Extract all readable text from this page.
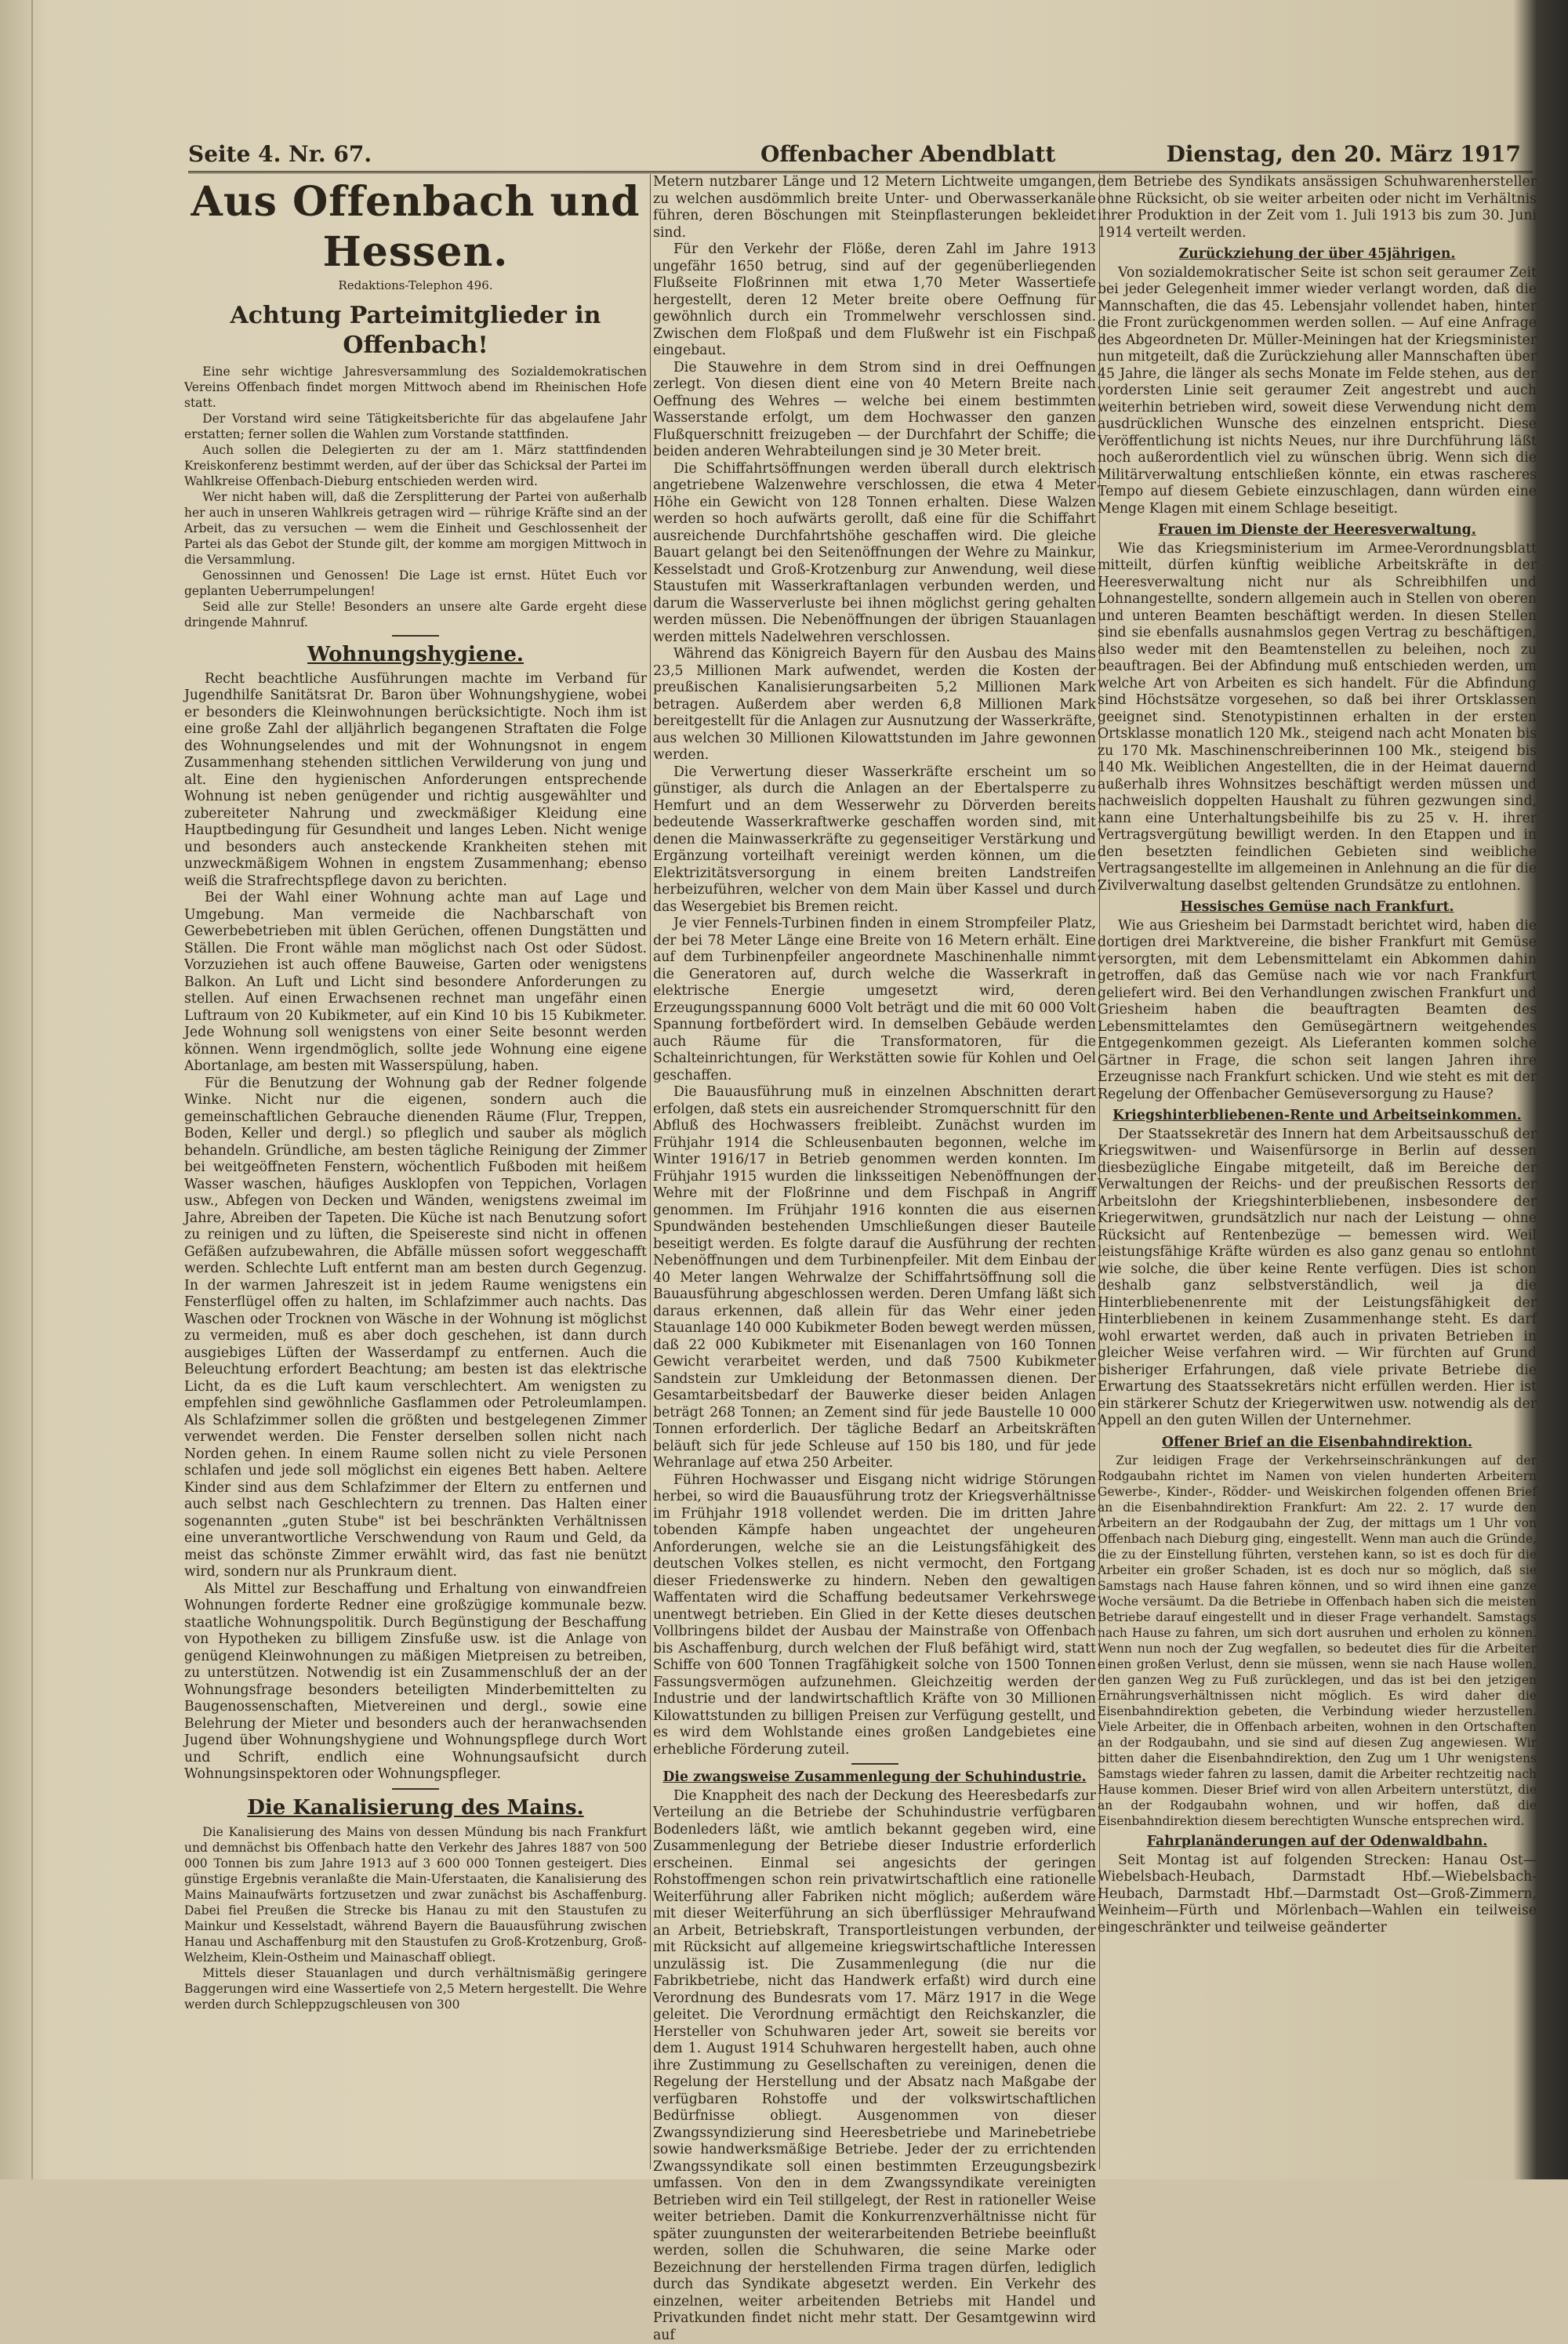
Seite 4. Nr. 67.	Offenbacher Abendblatt	Dienstag, den 20. März 1917
Aus Offenbach und Hessen.

Redaktions-Telephon 496.

Achtung Parteimitglieder in Offenbach!

Eine sehr wichtige Jahresversammlung des Sozialdemokratischen Vereins Offenbach findet morgen Mittwoch abend im Rheinischen Hofe statt.

Der Vorstand wird seine Tätigkeitsberichte für das abgelaufene Jahr erstatten; ferner sollen die Wahlen zum Vorstande stattfinden.

Auch sollen die Delegierten zu der am 1. März stattfindenden Kreiskonferenz bestimmt werden, auf der über das Schicksal der Partei im Wahlkreise Offenbach-Dieburg entschieden werden wird.

Wer nicht haben will, daß die Zersplitterung der Partei von außerhalb her auch in unseren Wahlkreis getragen wird — rührige Kräfte sind an der Arbeit, das zu versuchen — wem die Einheit und Geschlossenheit der Partei als das Gebot der Stunde gilt, der komme am morgigen Mittwoch in die Versammlung.

Genossinnen und Genossen! Die Lage ist ernst. Hütet Euch vor geplanten Ueberrumpelungen!

Seid alle zur Stelle! Besonders an unsere alte Garde ergeht diese dringende Mahnruf.

Wohnungshygiene.

Recht beachtliche Ausführungen machte im Verband für Jugendhilfe Sanitätsrat Dr. Baron über Wohnungshygiene, wobei er besonders die Kleinwohnungen berücksichtigte. Noch ihm ist eine große Zahl der alljährlich begangenen Straftaten die Folge des Wohnungselendes und mit der Wohnungsnot in engem Zusammenhang stehenden sittlichen Verwilderung von jung und alt. Eine den hygienischen Anforderungen entsprechende Wohnung ist neben genügender und richtig ausgewählter und zubereiteter Nahrung und zweckmäßiger Kleidung eine Hauptbedingung für Gesundheit und langes Leben. Nicht wenige und besonders auch ansteckende Krankheiten stehen mit unzweckmäßigem Wohnen in engstem Zusammenhang; ebenso weiß die Strafrechtspflege davon zu berichten.

Bei der Wahl einer Wohnung achte man auf Lage und Umgebung. Man vermeide die Nachbarschaft von Gewerbebetrieben mit üblen Gerüchen, offenen Dungstätten und Ställen. Die Front wähle man möglichst nach Ost oder Südost. Vorzuziehen ist auch offene Bauweise, Garten oder wenigstens Balkon. An Luft und Licht sind besondere Anforderungen zu stellen. Auf einen Erwachsenen rechnet man ungefähr einen Luftraum von 20 Kubikmeter, auf ein Kind 10 bis 15 Kubikmeter. Jede Wohnung soll wenigstens von einer Seite besonnt werden können. Wenn irgendmöglich, sollte jede Wohnung eine eigene Abortanlage, am besten mit Wasserspülung, haben.

Für die Benutzung der Wohnung gab der Redner folgende Winke. Nicht nur die eigenen, sondern auch die gemeinschaftlichen Gebrauche dienenden Räume (Flur, Treppen, Boden, Keller und dergl.) so pfleglich und sauber als möglich behandeln. Gründliche, am besten tägliche Reinigung der Zimmer bei weitgeöffneten Fenstern, wöchentlich Fußboden mit heißem Wasser waschen, häufiges Ausklopfen von Teppichen, Vorlagen usw., Abfegen von Decken und Wänden, wenigstens zweimal im Jahre, Abreiben der Tapeten. Die Küche ist nach Benutzung sofort zu reinigen und zu lüften, die Speisereste sind nicht in offenen Gefäßen aufzubewahren, die Abfälle müssen sofort weggeschafft werden. Schlechte Luft entfernt man am besten durch Gegenzug. In der warmen Jahreszeit ist in jedem Raume wenigstens ein Fensterflügel offen zu halten, im Schlafzimmer auch nachts. Das Waschen oder Trocknen von Wäsche in der Wohnung ist möglichst zu vermeiden, muß es aber doch geschehen, ist dann durch ausgiebiges Lüften der Wasserdampf zu entfernen. Auch die Beleuchtung erfordert Beachtung; am besten ist das elektrische Licht, da es die Luft kaum verschlechtert. Am wenigsten zu empfehlen sind gewöhnliche Gasflammen oder Petroleumlampen. Als Schlafzimmer sollen die größten und bestgelegenen Zimmer verwendet werden. Die Fenster derselben sollen nicht nach Norden gehen. In einem Raume sollen nicht zu viele Personen schlafen und jede soll möglichst ein eigenes Bett haben. Aeltere Kinder sind aus dem Schlafzimmer der Eltern zu entfernen und auch selbst nach Geschlechtern zu trennen. Das Halten einer sogenannten „guten Stube" ist bei beschränkten Verhältnissen eine unverantwortliche Verschwendung von Raum und Geld, da meist das schönste Zimmer erwählt wird, das fast nie benützt wird, sondern nur als Prunkraum dient.

Als Mittel zur Beschaffung und Erhaltung von einwandfreien Wohnungen forderte Redner eine großzügige kommunale bezw. staatliche Wohnungspolitik. Durch Begünstigung der Beschaffung von Hypotheken zu billigem Zinsfuße usw. ist die Anlage von genügend Kleinwohnungen zu mäßigen Mietpreisen zu betreiben, zu unterstützen. Notwendig ist ein Zusammenschluß der an der Wohnungsfrage besonders beteiligten Minderbemittelten zu Baugenossenschaften, Mietvereinen und dergl., sowie eine Belehrung der Mieter und besonders auch der heranwachsenden Jugend über Wohnungshygiene und Wohnungspflege durch Wort und Schrift, endlich eine Wohnungsaufsicht durch Wohnungsinspektoren oder Wohnungspfleger.

Die Kanalisierung des Mains.

Die Kanalisierung des Mains von dessen Mündung bis nach Frankfurt und demnächst bis Offenbach hatte den Verkehr des Jahres 1887 von 500 000 Tonnen bis zum Jahre 1913 auf 3 600 000 Tonnen gesteigert. Dies günstige Ergebnis veranlaßte die Main-Uferstaaten, die Kanalisierung des Mains Mainaufwärts fortzusetzen und zwar zunächst bis Aschaffenburg. Dabei fiel Preußen die Strecke bis Hanau zu mit den Staustufen zu Mainkur und Kesselstadt, während Bayern die Bauausführung zwischen Hanau und Aschaffenburg mit den Staustufen zu Groß-Krotzenburg, Groß-Welzheim, Klein-Ostheim und Mainaschaff obliegt.

Mittels dieser Stauanlagen und durch verhältnismäßig geringere Baggerungen wird eine Wassertiefe von 2,5 Metern hergestellt. Die Wehre werden durch Schleppzugschleusen von 300

Metern nutzbarer Länge und 12 Metern Lichtweite umgangen, zu welchen ausdömmlich breite Unter- und Oberwasserkanäle führen, deren Böschungen mit Steinpflasterungen bekleidet sind.

Für den Verkehr der Flöße, deren Zahl im Jahre 1913 ungefähr 1650 betrug, sind auf der gegenüberliegenden Flußseite Floßrinnen mit etwa 1,70 Meter Wassertiefe hergestellt, deren 12 Meter breite obere Oeffnung für gewöhnlich durch ein Trommelwehr verschlossen sind. Zwischen dem Floßpaß und dem Flußwehr ist ein Fischpaß eingebaut.

Die Stauwehre in dem Strom sind in drei Oeffnungen zerlegt. Von diesen dient eine von 40 Metern Breite nach Oeffnung des Wehres — welche bei einem bestimmten Wasserstande erfolgt, um dem Hochwasser den ganzen Flußquerschnitt freizugeben — der Durchfahrt der Schiffe; die beiden anderen Wehrabteilungen sind je 30 Meter breit.

Die Schiffahrtsöffnungen werden überall durch elektrisch angetriebene Walzenwehre verschlossen, die etwa 4 Meter Höhe ein Gewicht von 128 Tonnen erhalten. Diese Walzen werden so hoch aufwärts gerollt, daß eine für die Schiffahrt ausreichende Durchfahrtshöhe geschaffen wird. Die gleiche Bauart gelangt bei den Seitenöffnungen der Wehre zu Mainkur, Kesselstadt und Groß-Krotzenburg zur Anwendung, weil diese Staustufen mit Wasserkraftanlagen verbunden werden, und darum die Wasserverluste bei ihnen möglichst gering gehalten werden müssen. Die Nebenöffnungen der übrigen Stauanlagen werden mittels Nadelwehren verschlossen.

Während das Königreich Bayern für den Ausbau des Mains 23,5 Millionen Mark aufwendet, werden die Kosten der preußischen Kanalisierungsarbeiten 5,2 Millionen Mark betragen. Außerdem aber werden 6,8 Millionen Mark bereitgestellt für die Anlagen zur Ausnutzung der Wasserkräfte, aus welchen 30 Millionen Kilowattstunden im Jahre gewonnen werden.

Die Verwertung dieser Wasserkräfte erscheint um so günstiger, als durch die Anlagen an der Ebertalsperre zu Hemfurt und an dem Wesserwehr zu Dörverden bereits bedeutende Wasserkraftwerke geschaffen worden sind, mit denen die Mainwasserkräfte zu gegenseitiger Verstärkung und Ergänzung vorteilhaft vereinigt werden können, um die Elektrizitätsversorgung in einem breiten Landstreifen herbeizuführen, welcher von dem Main über Kassel und durch das Wesergebiet bis Bremen reicht.

Je vier Fennels-Turbinen finden in einem Strompfeiler Platz, der bei 78 Meter Länge eine Breite von 16 Metern erhält. Eine auf dem Turbinenpfeiler angeordnete Maschinenhalle nimmt die Generatoren auf, durch welche die Wasserkraft in elektrische Energie umgesetzt wird, deren Erzeugungsspannung 6000 Volt beträgt und die mit 60 000 Volt Spannung fortbefördert wird. In demselben Gebäude werden auch Räume für die Transformatoren, für die Schalteinrichtungen, für Werkstätten sowie für Kohlen und Oel geschaffen.

Die Bauausführung muß in einzelnen Abschnitten derart erfolgen, daß stets ein ausreichender Stromquerschnitt für den Abfluß des Hochwassers freibleibt. Zunächst wurden im Frühjahr 1914 die Schleusenbauten begonnen, welche im Winter 1916/17 in Betrieb genommen werden konnten. Im Frühjahr 1915 wurden die linksseitigen Nebenöffnungen der Wehre mit der Floßrinne und dem Fischpaß in Angriff genommen. Im Frühjahr 1916 konnten die aus eisernen Spundwänden bestehenden Umschließungen dieser Bauteile beseitigt werden. Es folgte darauf die Ausführung der rechten Nebenöffnungen und dem Turbinenpfeiler. Mit dem Einbau der 40 Meter langen Wehrwalze der Schiffahrtsöffnung soll die Bauausführung abgeschlossen werden. Deren Umfang läßt sich daraus erkennen, daß allein für das Wehr einer jeden Stauanlage 140 000 Kubikmeter Boden bewegt werden müssen, daß 22 000 Kubikmeter mit Eisenanlagen von 160 Tonnen Gewicht verarbeitet werden, und daß 7500 Kubikmeter Sandstein zur Umkleidung der Betonmassen dienen. Der Gesamtarbeitsbedarf der Bauwerke dieser beiden Anlagen beträgt 268 Tonnen; an Zement sind für jede Baustelle 10 000 Tonnen erforderlich. Der tägliche Bedarf an Arbeitskräften beläuft sich für jede Schleuse auf 150 bis 180, und für jede Wehranlage auf etwa 250 Arbeiter.

Führen Hochwasser und Eisgang nicht widrige Störungen herbei, so wird die Bauausführung trotz der Kriegsverhältnisse im Frühjahr 1918 vollendet werden. Die im dritten Jahre tobenden Kämpfe haben ungeachtet der ungeheuren Anforderungen, welche sie an die Leistungsfähigkeit des deutschen Volkes stellen, es nicht vermocht, den Fortgang dieser Friedenswerke zu hindern. Neben den gewaltigen Waffentaten wird die Schaffung bedeutsamer Verkehrswege unentwegt betrieben. Ein Glied in der Kette dieses deutschen Vollbringens bildet der Ausbau der Mainstraße von Offenbach bis Aschaffenburg, durch welchen der Fluß befähigt wird, statt Schiffe von 600 Tonnen Tragfähigkeit solche von 1500 Tonnen Fassungsvermögen aufzunehmen. Gleichzeitig werden der Industrie und der landwirtschaftlich Kräfte von 30 Millionen Kilowattstunden zu billigen Preisen zur Verfügung gestellt, und es wird dem Wohlstande eines großen Landgebietes eine erhebliche Förderung zuteil.

Die zwangsweise Zusammenlegung der Schuhindustrie.

Die Knappheit des nach der Deckung des Heeresbedarfs zur Verteilung an die Betriebe der Schuhindustrie verfügbaren Bodenleders läßt, wie amtlich bekannt gegeben wird, eine Zusammenlegung der Betriebe dieser Industrie erforderlich erscheinen. Einmal sei angesichts der geringen Rohstoffmengen schon rein privatwirtschaftlich eine rationelle Weiterführung aller Fabriken nicht möglich; außerdem wäre mit dieser Weiterführung an sich überflüssiger Mehraufwand an Arbeit, Betriebskraft, Transportleistungen verbunden, der mit Rücksicht auf allgemeine kriegswirtschaftliche Interessen unzulässig ist. Die Zusammenlegung (die nur die Fabrikbetriebe, nicht das Handwerk erfaßt) wird durch eine Verordnung des Bundesrats vom 17. März 1917 in die Wege geleitet. Die Verordnung ermächtigt den Reichskanzler, die Hersteller von Schuhwaren jeder Art, soweit sie bereits vor dem 1. August 1914 Schuhwaren hergestellt haben, auch ohne ihre Zustimmung zu Gesellschaften zu vereinigen, denen die Regelung der Herstellung und der Absatz nach Maßgabe der verfügbaren Rohstoffe und der volkswirtschaftlichen Bedürfnisse obliegt. Ausgenommen von dieser Zwangssyndizierung sind Heeresbetriebe und Marinebetriebe sowie handwerksmäßige Betriebe. Jeder der zu errichtenden Zwangssyndikate soll einen bestimmten Erzeugungsbezirk umfassen. Von den in dem Zwangssyndikate vereinigten Betrieben wird ein Teil stillgelegt, der Rest in rationeller Weise weiter betrieben. Damit die Konkurrenzverhältnisse nicht für später zuungunsten der weiterarbeitenden Betriebe beeinflußt werden, sollen die Schuhwaren, die seine Marke oder Bezeichnung der herstellenden Firma tragen dürfen, lediglich durch das Syndikate abgesetzt werden. Ein Verkehr des einzelnen, weiter arbeitenden Betriebs mit Handel und Privatkunden findet nicht mehr statt. Der Gesamtgewinn wird auf

dem Betriebe des Syndikats ansässigen Schuhwarenhersteller ohne Rücksicht, ob sie weiter arbeiten oder nicht im Verhältnis ihrer Produktion in der Zeit vom 1. Juli 1913 bis zum 30. Juni 1914 verteilt werden.

Zurückziehung der über 45jährigen.

Von sozialdemokratischer Seite ist schon seit geraumer Zeit bei jeder Gelegenheit immer wieder verlangt worden, daß die Mannschaften, die das 45. Lebensjahr vollendet haben, hinter die Front zurückgenommen werden sollen. — Auf eine Anfrage des Abgeordneten Dr. Müller-Meiningen hat der Kriegsminister nun mitgeteilt, daß die Zurückziehung aller Mannschaften über 45 Jahre, die länger als sechs Monate im Felde stehen, aus der vordersten Linie seit geraumer Zeit angestrebt und auch weiterhin betrieben wird, soweit diese Verwendung nicht dem ausdrücklichen Wunsche des einzelnen entspricht. Diese Veröffentlichung ist nichts Neues, nur ihre Durchführung läßt noch außerordentlich viel zu wünschen übrig. Wenn sich die Militärverwaltung entschließen könnte, ein etwas rascheres Tempo auf diesem Gebiete einzuschlagen, dann würden eine Menge Klagen mit einem Schlage beseitigt.

Frauen im Dienste der Heeresverwaltung.

Wie das Kriegsministerium im Armee-Verordnungsblatt mitteilt, dürfen künftig weibliche Arbeitskräfte in der Heeresverwaltung nicht nur als Schreibhilfen und Lohnangestellte, sondern allgemein auch in Stellen von oberen und unteren Beamten beschäftigt werden. In diesen Stellen sind sie ebenfalls ausnahmslos gegen Vertrag zu beschäftigen, also weder mit den Beamtenstellen zu beleihen, noch zu beauftragen. Bei der Abfindung muß entschieden werden, um welche Art von Arbeiten es sich handelt. Für die Abfindung sind Höchstsätze vorgesehen, so daß bei ihrer Ortsklassen geeignet sind. Stenotypistinnen erhalten in der ersten Ortsklasse monatlich 120 Mk., steigend nach acht Monaten bis zu 170 Mk. Maschinenschreiberinnen 100 Mk., steigend bis 140 Mk. Weiblichen Angestellten, die in der Heimat dauernd außerhalb ihres Wohnsitzes beschäftigt werden müssen und nachweislich doppelten Haushalt zu führen gezwungen sind, kann eine Unterhaltungsbeihilfe bis zu 25 v. H. ihrer Vertragsvergütung bewilligt werden. In den Etappen und in den besetzten feindlichen Gebieten sind weibliche Vertragsangestellte im allgemeinen in Anlehnung an die für die Zivilverwaltung daselbst geltenden Grundsätze zu entlohnen.

Hessisches Gemüse nach Frankfurt.

Wie aus Griesheim bei Darmstadt berichtet wird, haben die dortigen drei Marktvereine, die bisher Frankfurt mit Gemüse versorgten, mit dem Lebensmittelamt ein Abkommen dahin getroffen, daß das Gemüse nach wie vor nach Frankfurt geliefert wird. Bei den Verhandlungen zwischen Frankfurt und Griesheim haben die beauftragten Beamten des Lebensmittelamtes den Gemüsegärtnern weitgehendes Entgegenkommen gezeigt. Als Lieferanten kommen solche Gärtner in Frage, die schon seit langen Jahren ihre Erzeugnisse nach Frankfurt schicken. Und wie steht es mit der Regelung der Offenbacher Gemüseversorgung zu Hause?

Kriegshinterbliebenen-Rente und Arbeitseinkommen.

Der Staatssekretär des Innern hat dem Arbeitsausschuß der Kriegswitwen- und Waisenfürsorge in Berlin auf dessen diesbezügliche Eingabe mitgeteilt, daß im Bereiche der Verwaltungen der Reichs- und der preußischen Ressorts der Arbeitslohn der Kriegshinterbliebenen, insbesondere der Kriegerwitwen, grundsätzlich nur nach der Leistung — ohne Rücksicht auf Rentenbezüge — bemessen wird. Weil leistungsfähige Kräfte würden es also ganz genau so entlohnt wie solche, die über keine Rente verfügen. Dies ist schon deshalb ganz selbstverständlich, weil ja die Hinterbliebenenrente mit der Leistungsfähigkeit der Hinterbliebenen in keinem Zusammenhange steht. Es darf wohl erwartet werden, daß auch in privaten Betrieben in gleicher Weise verfahren wird. — Wir fürchten auf Grund bisheriger Erfahrungen, daß viele private Betriebe die Erwartung des Staatssekretärs nicht erfüllen werden. Hier ist ein stärkerer Schutz der Kriegerwitwen usw. notwendig als der Appell an den guten Willen der Unternehmer.

Offener Brief an die Eisenbahndirektion.

Zur leidigen Frage der Verkehrseinschränkungen auf der Rodgaubahn richtet im Namen von vielen hunderten Arbeitern Gewerbe-, Kinder-, Rödder- und Weiskirchen folgenden offenen Brief an die Eisenbahndirektion Frankfurt: Am 22. 2. 17 wurde den Arbeitern an der Rodgaubahn der Zug, der mittags um 1 Uhr von Offenbach nach Dieburg ging, eingestellt. Wenn man auch die Gründe, die zu der Einstellung führten, verstehen kann, so ist es doch für die Arbeiter ein großer Schaden, ist es doch nur so möglich, daß sie Samstags nach Hause fahren können, und so wird ihnen eine ganze Woche versäumt. Da die Betriebe in Offenbach haben sich die meisten Betriebe darauf eingestellt und in dieser Frage verhandelt. Samstags nach Hause zu fahren, um sich dort ausruhen und erholen zu können. Wenn nun noch der Zug wegfallen, so bedeutet dies für die Arbeiter einen großen Verlust, denn sie müssen, wenn sie nach Hause wollen, den ganzen Weg zu Fuß zurücklegen, und das ist bei den jetzigen Ernährungsverhältnissen nicht möglich. Es wird daher die Eisenbahndirektion gebeten, die Verbindung wieder herzustellen. Viele Arbeiter, die in Offenbach arbeiten, wohnen in den Ortschaften an der Rodgaubahn, und sie sind auf diesen Zug angewiesen. Wir bitten daher die Eisenbahndirektion, den Zug um 1 Uhr wenigstens Samstags wieder fahren zu lassen, damit die Arbeiter rechtzeitig nach Hause kommen. Dieser Brief wird von allen Arbeitern unterstützt, die an der Rodgaubahn wohnen, und wir hoffen, daß die Eisenbahndirektion diesem berechtigten Wunsche entsprechen wird.

Fahrplanänderungen auf der Odenwaldbahn.

Seit Montag ist auf folgenden Strecken: Hanau Ost—Wiebelsbach-Heubach, Darmstadt Hbf.—Wiebelsbach-Heubach, Darmstadt Hbf.—Darmstadt Ost—Groß-Zimmern, Weinheim—Fürth und Mörlenbach—Wahlen ein teilweise eingeschränkter und teilweise geänderter
